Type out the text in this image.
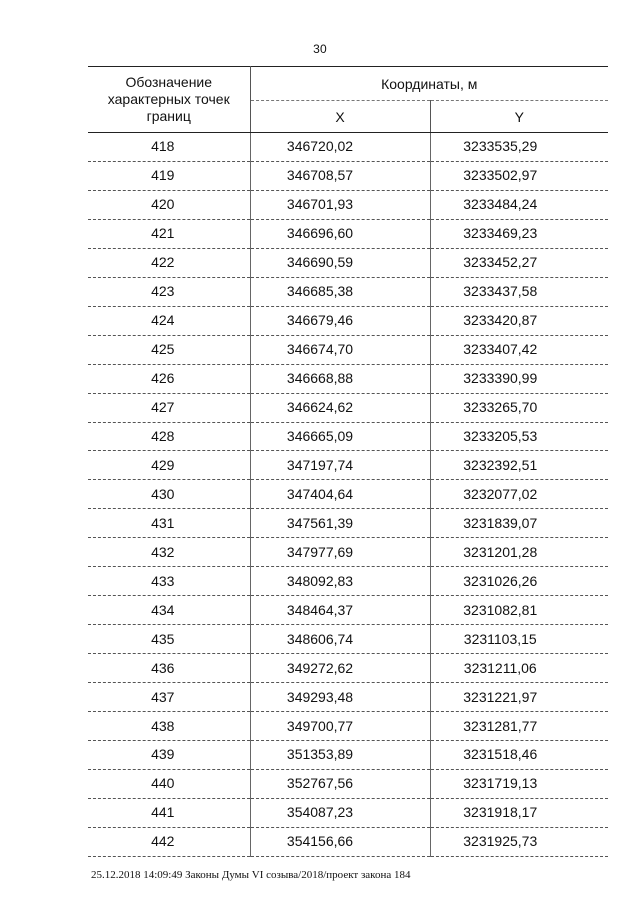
30
Обозначение характерных точек границ	Координаты, м	
	X	Y
418	346720,02	3233535,29
419	346708,57	3233502,97
420	346701,93	3233484,24
421	346696,60	3233469,23
422	346690,59	3233452,27
423	346685,38	3233437,58
424	346679,46	3233420,87
425	346674,70	3233407,42
426	346668,88	3233390,99
427	346624,62	3233265,70
428	346665,09	3233205,53
429	347197,74	3232392,51
430	347404,64	3232077,02
431	347561,39	3231839,07
432	347977,69	3231201,28
433	348092,83	3231026,26
434	348464,37	3231082,81
435	348606,74	3231103,15
436	349272,62	3231211,06
437	349293,48	3231221,97
438	349700,77	3231281,77
439	351353,89	3231518,46
440	352767,56	3231719,13
441	354087,23	3231918,17
442	354156,66	3231925,73
25.12.2018 14:09:49 Законы Думы VI созыва/2018/проект закона 184
